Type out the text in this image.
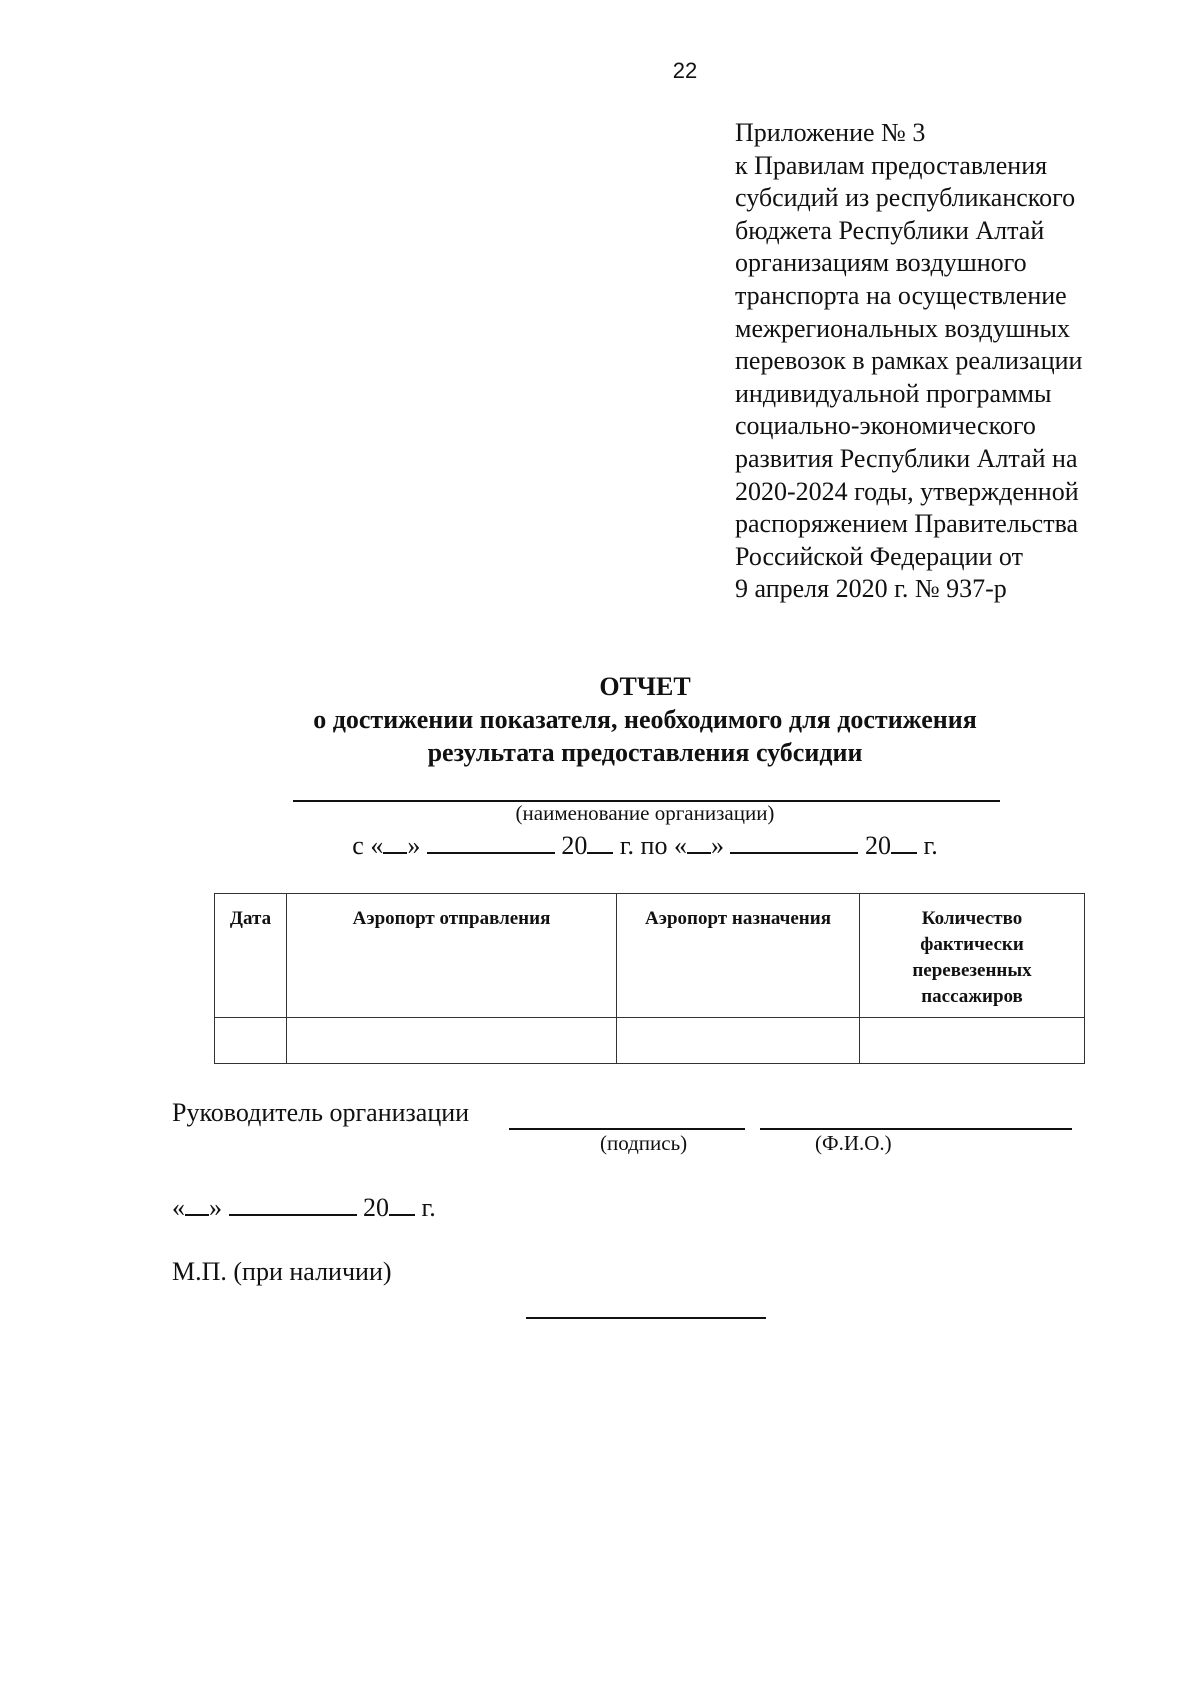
22
Приложение № 3
к Правилам предоставления
субсидий из республиканского
бюджета Республики Алтай
организациям воздушного
транспорта на осуществление
межрегиональных воздушных
перевозок в рамках реализации
индивидуальной программы
социально-экономического
развития Республики Алтай на
2020-2024 годы, утвержденной
распоряжением Правительства
Российской Федерации от
9 апреля 2020 г. № 937-р
ОТЧЕТ
о достижении показателя, необходимого для достижения
результата предоставления субсидии
(наименование организации)
с « »	20 г. по « »	20 г.
Дата	Аэропорт отправления	Аэропорт назначения	Количество фактически перевезенных пассажиров

Руководитель организации
(подпись)	(Ф.И.О.)
« »	20 г.
М.П. (при наличии)
